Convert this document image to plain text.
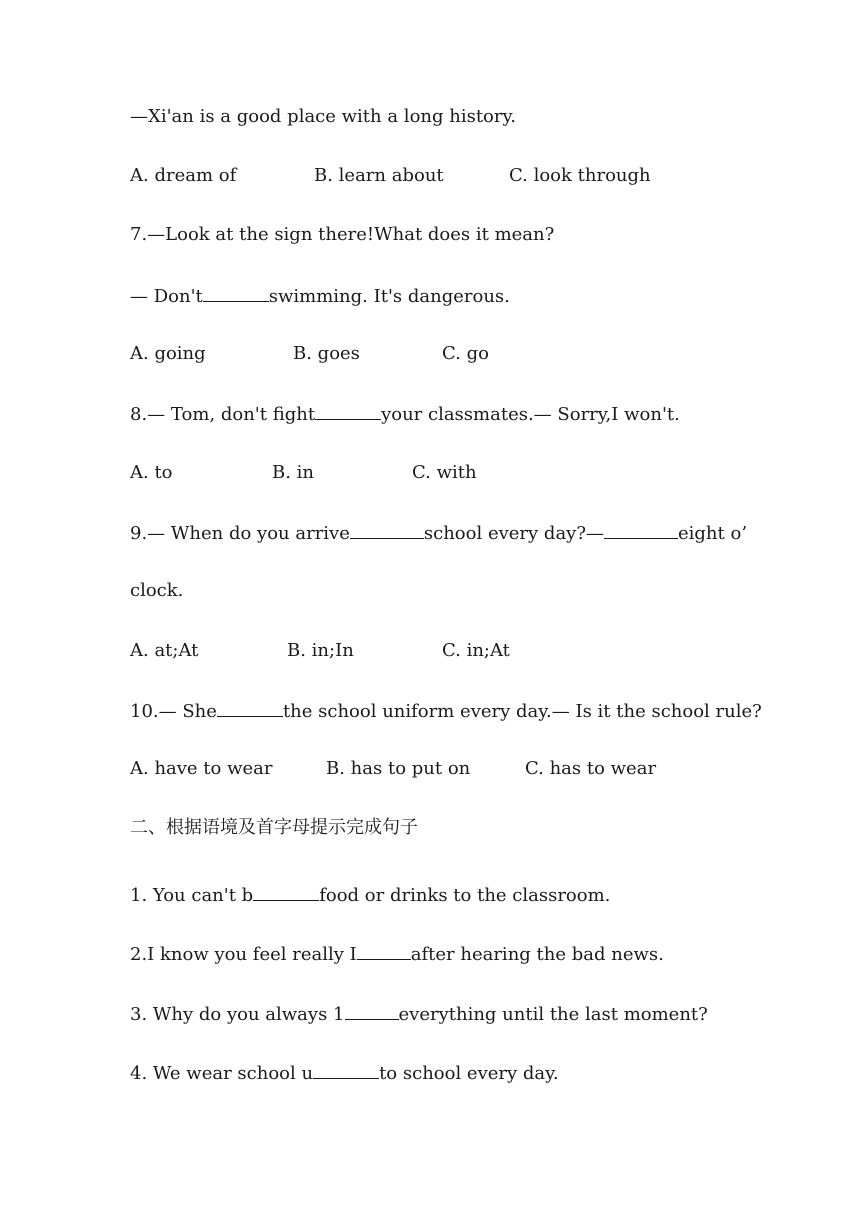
—Xi'an is a good place with a long history.
A. dream of	B. learn about	C. look through
7.—Look at the sign there!What does it mean?
— Don't	swimming. It's dangerous.
A. going	B. goes	C. go
8.— Tom, don't fight	your classmates.— Sorry,I won't.
A. to	B. in	C. with
9.— When do you arrive	school every day?—	eight o’
clock.
A. at;At	B. in;In	C. in;At
10.— She	the school uniform every day.— Is it the school rule?
A. have to wear	B. has to put on	C. has to wear
二、根据语境及首字母提示完成句子
1. You can't b	food or drinks to the classroom.
2.I know you feel really I	after hearing the bad news.
3. Why do you always 1	everything until the last moment?
4. We wear school u	to school every day.
